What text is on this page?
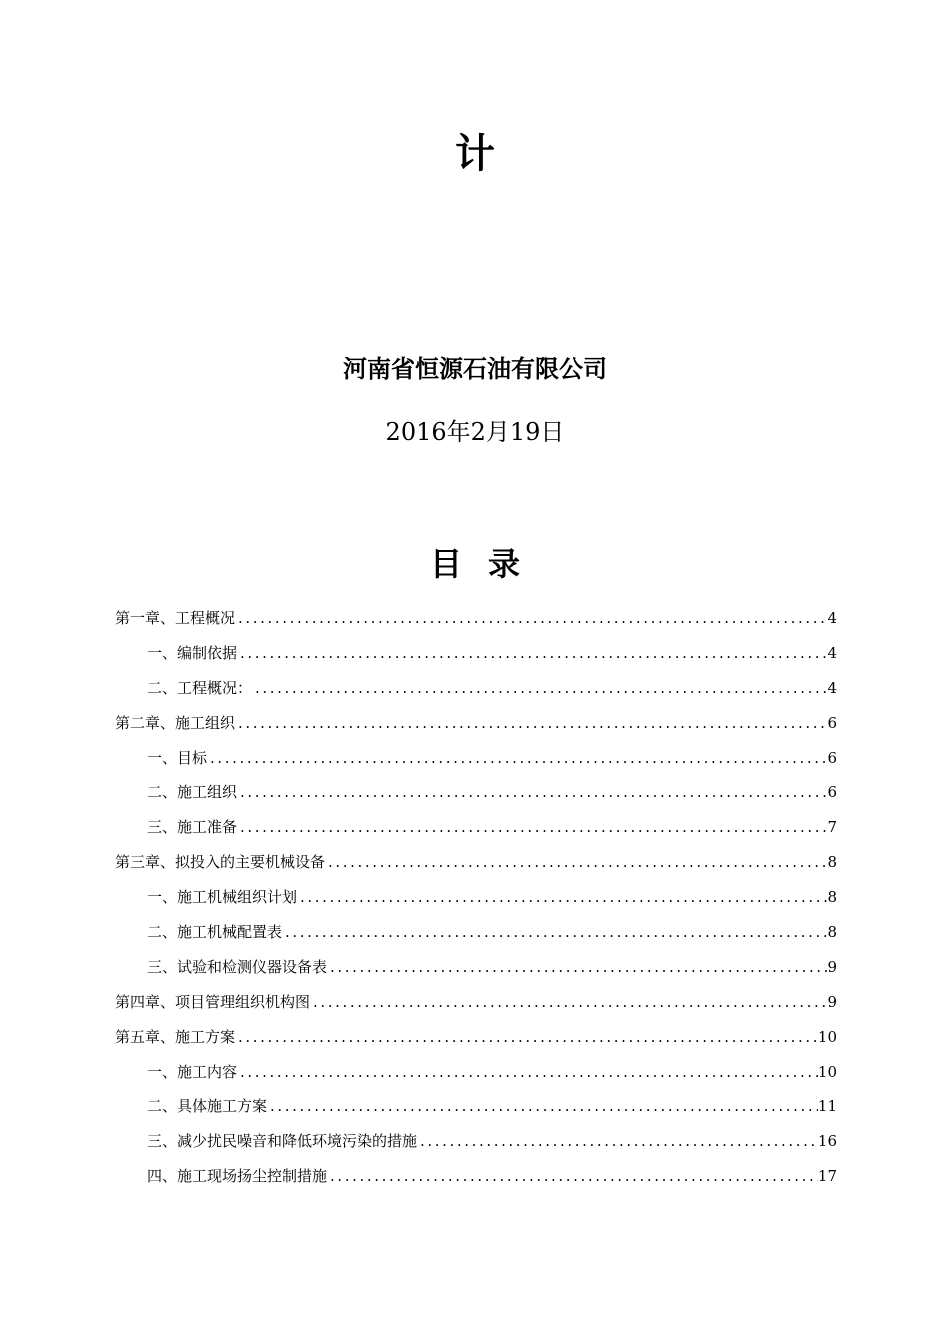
计
河南省恒源石油有限公司
2016年2月19日
目录
第一章、工程概况 .....	4
一、编制依据 .....	4
二、工程概况： .....	4
第二章、施工组织 .....	6
一、目标 .....	6
二、施工组织 .....	6
三、施工准备 .....	7
第三章、拟投入的主要机械设备 .....	8
一、施工机械组织计划 .....	8
二、施工机械配置表 .....	8
三、试验和检测仪器设备表 .....	9
第四章、项目管理组织机构图 .....	9
第五章、施工方案 .....	10
一、施工内容 .....	10
二、具体施工方案 .....	11
三、减少扰民噪音和降低环境污染的措施 .....	16
四、施工现场扬尘控制措施 .....	17
